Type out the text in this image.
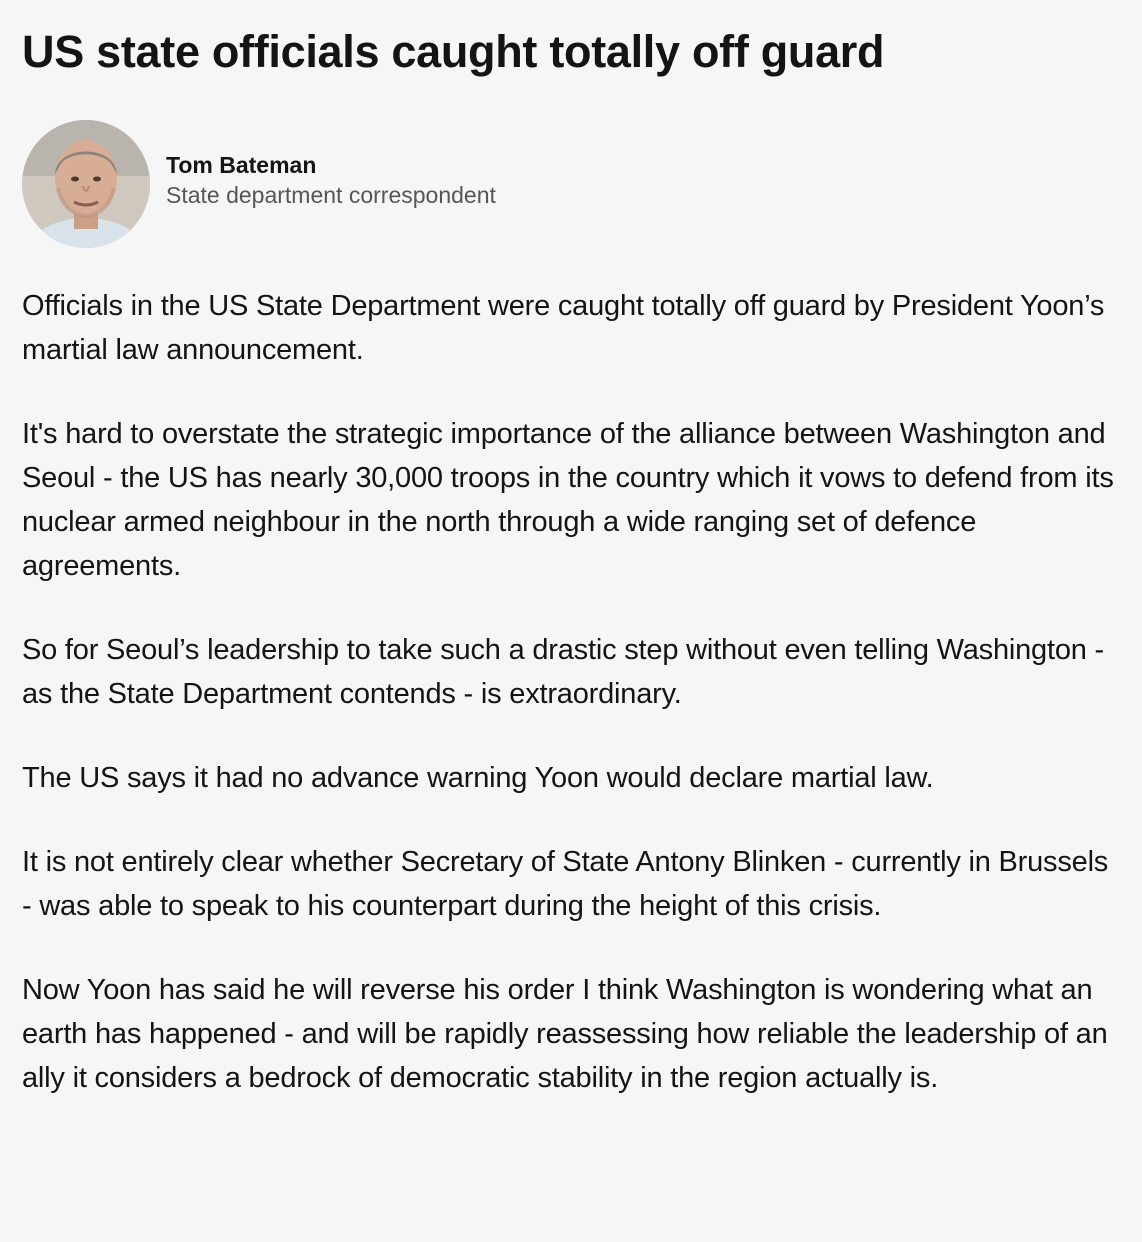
US state officials caught totally off guard
Tom Bateman
State department correspondent

Officials in the US State Department were caught totally off guard by President Yoon’s martial law announcement.

It's hard to overstate the strategic importance of the alliance between Washington and Seoul - the US has nearly 30,000 troops in the country which it vows to defend from its nuclear armed neighbour in the north through a wide ranging set of defence agreements.

So for Seoul’s leadership to take such a drastic step without even telling Washington - as the State Department contends - is extraordinary.

The US says it had no advance warning Yoon would declare martial law.

It is not entirely clear whether Secretary of State Antony Blinken - currently in Brussels - was able to speak to his counterpart during the height of this crisis.

Now Yoon has said he will reverse his order I think Washington is wondering what an earth has happened - and will be rapidly reassessing how reliable the leadership of an ally it considers a bedrock of democratic stability in the region actually is.
